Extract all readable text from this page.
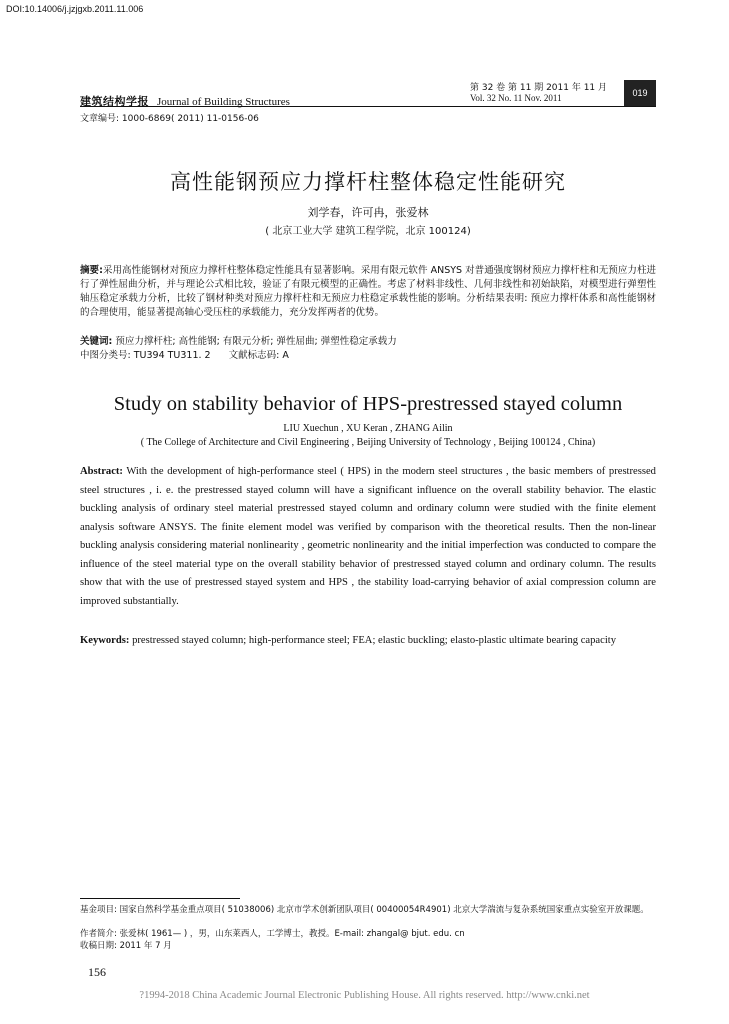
DOI:10.14006/j.jzjgxb.2011.11.006
第 32 卷 第 11 期 2011 年 11 月
建筑结构学报 Journal of Building Structures	Vol. 32 No. 11 Nov. 2011	019
文章编号: 1000-6869( 2011) 11-0156-06
高性能钢预应力撑杆柱整体稳定性能研究
刘学春，许可冉，张爱林
( 北京工业大学 建筑工程学院，北京 100124)
摘要:采用高性能钢材对预应力撑杆柱整体稳定性能具有显著影响。采用有限元软件 ANSYS 对普通强度钢材预应力撑杆柱和无预应力柱进行了弹性屈曲分析，并与理论公式相比较，验证了有限元模型的正确性。考虑了材料非线性、几何非线性和初始缺陷，对模型进行弹塑性轴压稳定承载力分析，比较了钢材种类对预应力撑杆柱和无预应力柱稳定承载性能的影响。分析结果表明: 预应力撑杆体系和高性能钢材的合理使用，能显著提高轴心受压柱的承载能力，充分发挥两者的优势。
关键词: 预应力撑杆柱; 高性能钢; 有限元分析; 弹性屈曲; 弹塑性稳定承载力
中图分类号: TU394 TU311. 2 文献标志码: A
Study on stability behavior of HPS-prestressed stayed column
LIU Xuechun , XU Keran , ZHANG Ailin
( The College of Architecture and Civil Engineering , Beijing University of Technology , Beijing 100124 , China)
Abstract: With the development of high-performance steel ( HPS) in the modern steel structures , the basic members of prestressed steel structures , i. e. the prestressed stayed column will have a significant influence on the overall stability behavior. The elastic buckling analysis of ordinary steel material prestressed stayed column and ordinary column were studied with the finite element analysis software ANSYS. The finite element model was verified by comparison with the theoretical results. Then the non-linear buckling analysis considering material nonlinearity , geometric nonlinearity and the initial imperfection was conducted to compare the influence of the steel material type on the overall stability behavior of prestressed stayed column and ordinary column. The results show that with the use of prestressed stayed system and HPS , the stability load-carrying behavior of axial compression column are improved substantially.
Keywords: prestressed stayed column; high-performance steel; FEA; elastic buckling; elasto-plastic ultimate bearing capacity
基金项目: 国家自然科学基金重点项目( 51038006) 北京市学术创新团队项目( 00400054R4901) 北京大学湍流与复杂系统国家重点实验室开放课题。
作者简介: 张爱林( 1961— ) ，男，山东莱西人，工学博士，教授。E-mail: zhangal@ bjut. edu. cn
收稿日期: 2011 年 7 月
156
?1994-2018 China Academic Journal Electronic Publishing House. All rights reserved. http://www.cnki.net
